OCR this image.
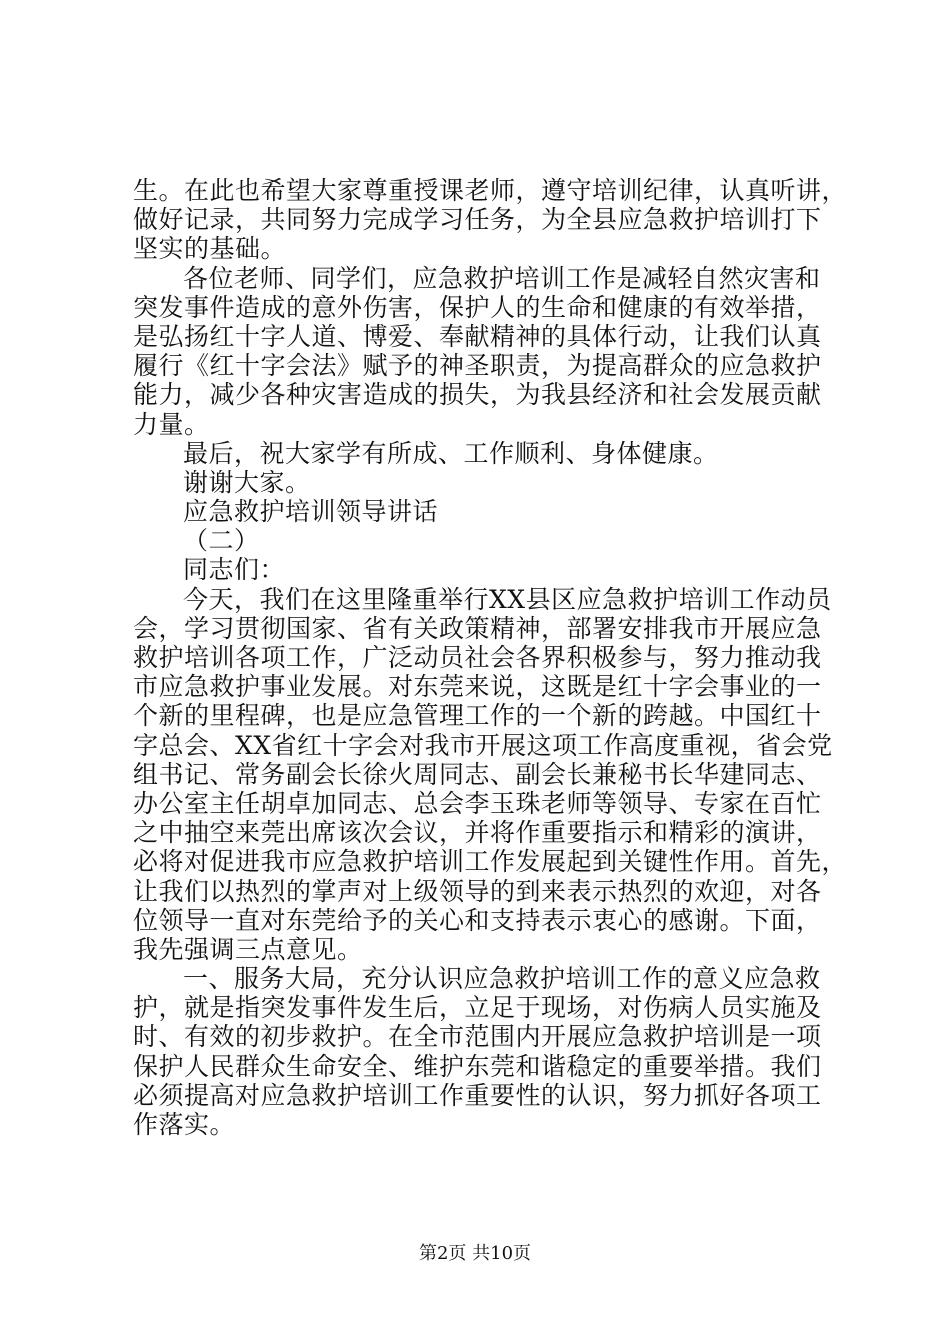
生。在此也希望大家尊重授课老师，遵守培训纪律，认真听讲，
做好记录，共同努力完成学习任务，为全县应急救护培训打下
坚实的基础。
各位老师、同学们，应急救护培训工作是减轻自然灾害和
突发事件造成的意外伤害，保护人的生命和健康的有效举措，
是弘扬红十字人道、博爱、奉献精神的具体行动，让我们认真
履行《红十字会法》赋予的神圣职责，为提高群众的应急救护
能力，减少各种灾害造成的损失，为我县经济和社会发展贡献
力量。
最后，祝大家学有所成、工作顺利、身体健康。
谢谢大家。
应急救护培训领导讲话
（二）
同志们：
今天，我们在这里隆重举行XX县区应急救护培训工作动员
会，学习贯彻国家、省有关政策精神，部署安排我市开展应急
救护培训各项工作，广泛动员社会各界积极参与，努力推动我
市应急救护事业发展。对东莞来说，这既是红十字会事业的一
个新的里程碑，也是应急管理工作的一个新的跨越。中国红十
字总会、XX省红十字会对我市开展这项工作高度重视，省会党
组书记、常务副会长徐火周同志、副会长兼秘书长华建同志、
办公室主任胡卓加同志、总会李玉珠老师等领导、专家在百忙
之中抽空来莞出席该次会议，并将作重要指示和精彩的演讲，
必将对促进我市应急救护培训工作发展起到关键性作用。首先，
让我们以热烈的掌声对上级领导的到来表示热烈的欢迎，对各
位领导一直对东莞给予的关心和支持表示衷心的感谢。下面，
我先强调三点意见。
一、服务大局，充分认识应急救护培训工作的意义应急救
护，就是指突发事件发生后，立足于现场，对伤病人员实施及
时、有效的初步救护。在全市范围内开展应急救护培训是一项
保护人民群众生命安全、维护东莞和谐稳定的重要举措。我们
必须提高对应急救护培训工作重要性的认识，努力抓好各项工
作落实。
第2页 共10页
